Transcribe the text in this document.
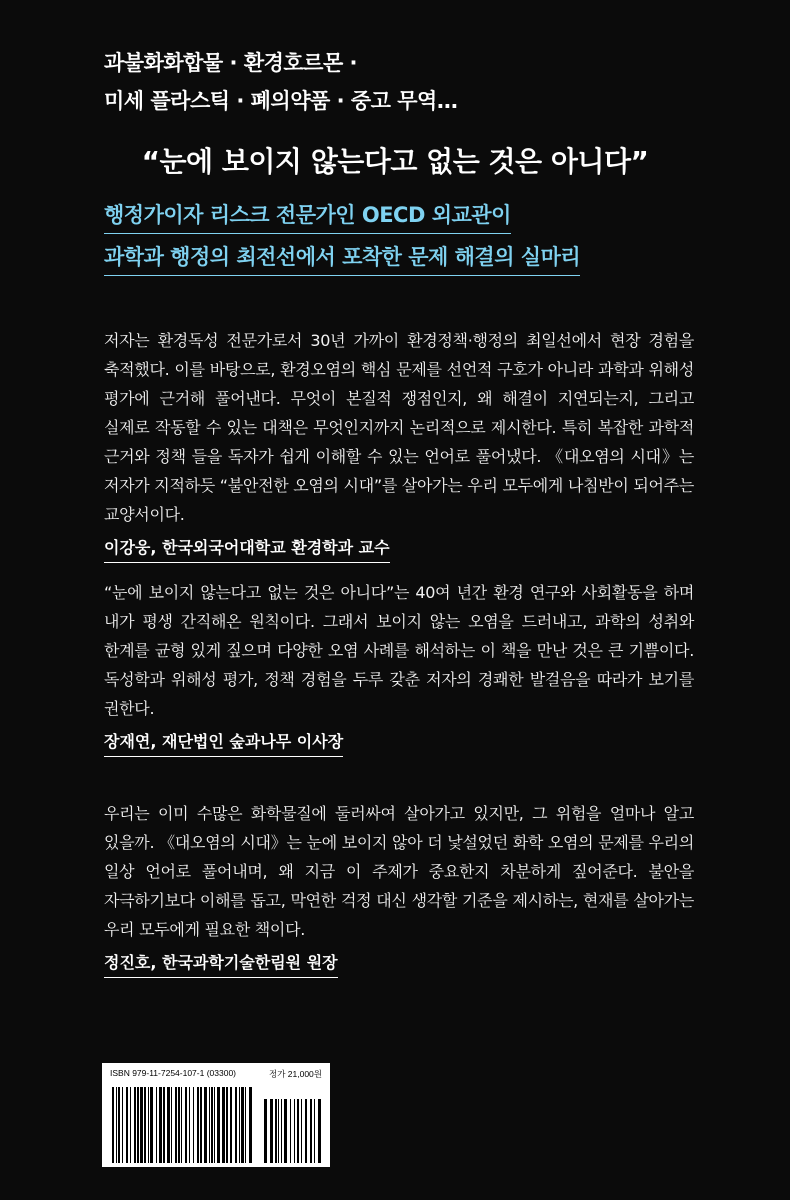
과불화화합물 · 환경호르몬 ·
미세 플라스틱 · 폐의약품 · 중고 무역…
“눈에 보이지 않는다고 없는 것은 아니다”
행정가이자 리스크 전문가인 OECD 외교관이
과학과 행정의 최전선에서 포착한 문제 해결의 실마리

저자는 환경독성 전문가로서 30년 가까이 환경정책·행정의 최일선에서 현장 경험을 축적했다. 이를 바탕으로, 환경오염의 핵심 문제를 선언적 구호가 아니라 과학과 위해성 평가에 근거해 풀어낸다. 무엇이 본질적 쟁점인지, 왜 해결이 지연되는지, 그리고 실제로 작동할 수 있는 대책은 무엇인지까지 논리적으로 제시한다. 특히 복잡한 과학적 근거와 정책 들을 독자가 쉽게 이해할 수 있는 언어로 풀어냈다. 《대오염의 시대》는 저자가 지적하듯 “불안전한 오염의 시대”를 살아가는 우리 모두에게 나침반이 되어주는 교양서이다.

이강웅, 한국외국어대학교 환경학과 교수

“눈에 보이지 않는다고 없는 것은 아니다”는 40여 년간 환경 연구와 사회활동을 하며 내가 평생 간직해온 원칙이다. 그래서 보이지 않는 오염을 드러내고, 과학의 성취와 한계를 균형 있게 짚으며 다양한 오염 사례를 해석하는 이 책을 만난 것은 큰 기쁨이다. 독성학과 위해성 평가, 정책 경험을 두루 갖춘 저자의 경쾌한 발걸음을 따라가 보기를 권한다.

장재연, 재단법인 숲과나무 이사장

우리는 이미 수많은 화학물질에 둘러싸여 살아가고 있지만, 그 위험을 얼마나 알고 있을까. 《대오염의 시대》는 눈에 보이지 않아 더 낯설었던 화학 오염의 문제를 우리의 일상 언어로 풀어내며, 왜 지금 이 주제가 중요한지 차분하게 짚어준다. 불안을 자극하기보다 이해를 돕고, 막연한 걱정 대신 생각할 기준을 제시하는, 현재를 살아가는 우리 모두에게 필요한 책이다.

정진호, 한국과학기술한림원 원장
ISBN 979-11-7254-107-1 (03300)	정가 21,000원
